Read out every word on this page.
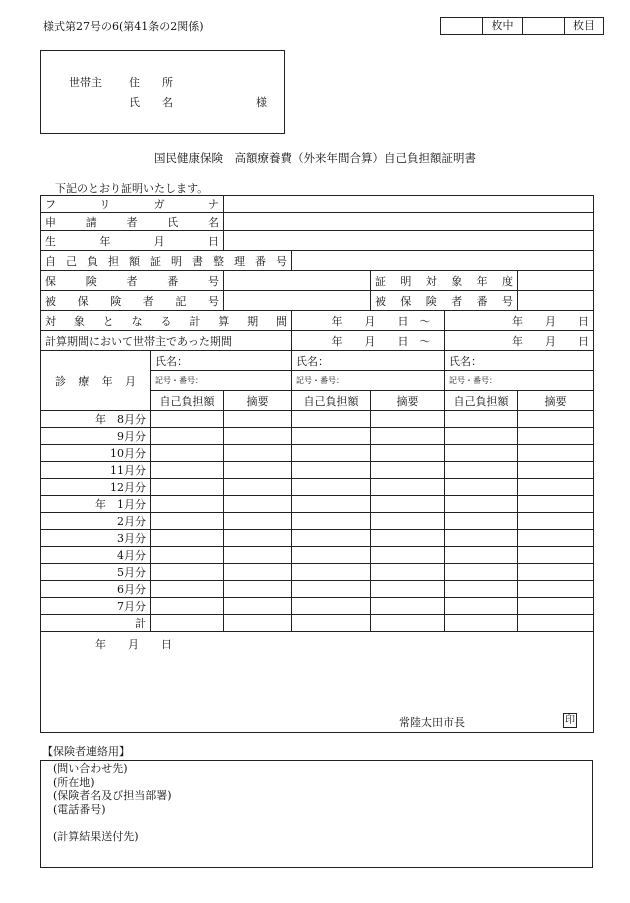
様式第27号の6(第41条の2関係)	枚中	枚目
世帯主 住　　所
氏　　名	様
国民健康保険　高額療養費（外来年間合算）自己負担額証明書
下記のとおり証明いたします。
フ　リ　ガ　ナ						
申　請　者　氏　名						
生　　年　　月　　日						
自己負担額証明書整理番号						
保　険　者　番　号				証明対象年度		
被　保　険　者　記　号				被保険者番号		
対象となる計算期間			年　　月　　日　～		年　　月　　日	
計算期間において世帯主であった期間			年　　月　　日　～		年　　月　　日	
診　療　年　月	氏名：		氏名：		氏名：	
	記号・番号：		記号・番号：		記号・番号：	
	自己負担額	摘要	自己負担額	摘要	自己負担額	摘要
年　8月分						
9月分						
10月分						
11月分						
12月分						
年　1月分						
2月分						
3月分						
4月分						
5月分						
6月分						
7月分						
計						

年　　月　　日
常陸太田市長 印						
【保険者連絡用】
(問い合わせ先)
(所在地)
(保険者名及び担当部署)
(電話番号)

(計算結果送付先)
